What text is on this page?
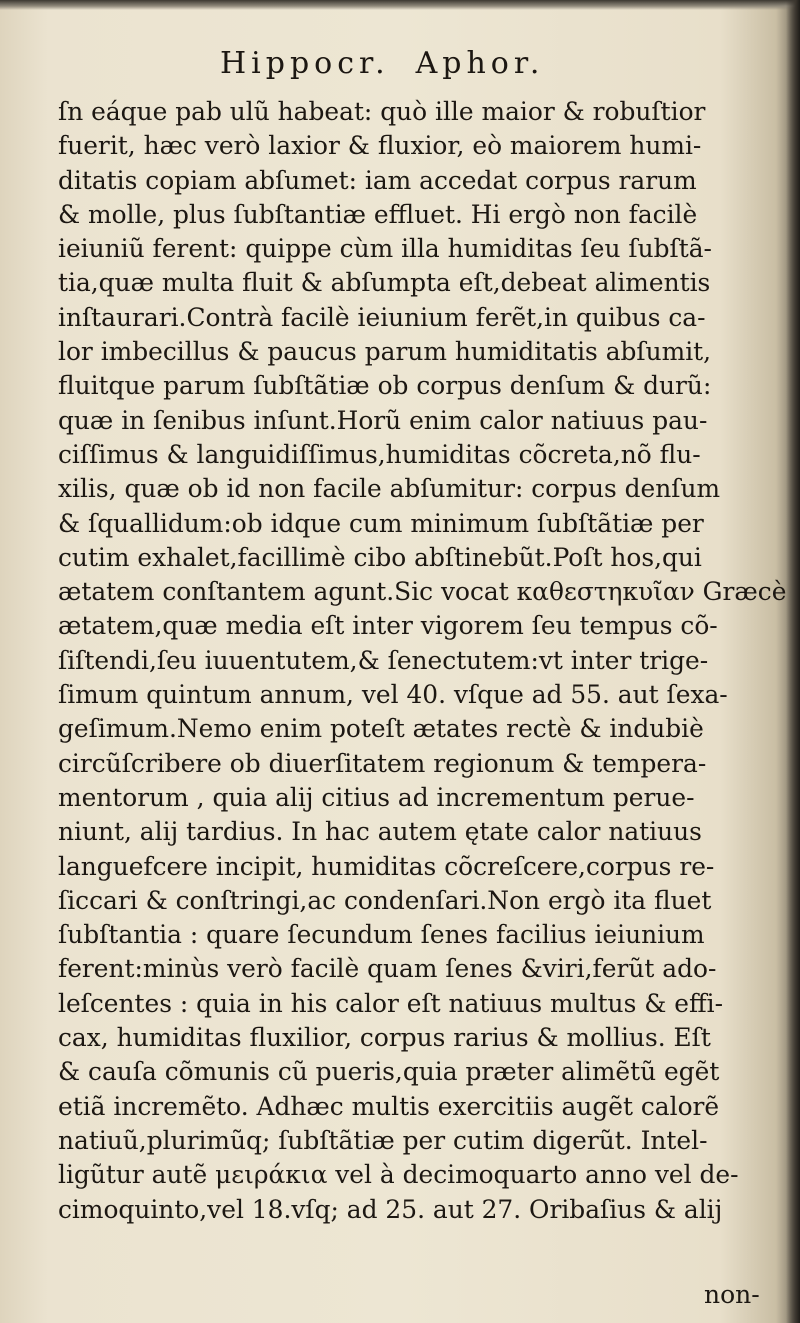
Hippocr. Aphor.
ſn eáque pab ulũ habeat: quò ille maior & robuſtior
fuerit, hæc verò laxior & fluxior, eò maiorem humi-
ditatis copiam abſumet: iam accedat corpus rarum
& molle, plus ſubſtantiæ effluet. Hi ergò non facilè
ieiuniũ ferent: quippe cùm illa humiditas ſeu ſubſtã-
tia,quæ multa fluit & abſumpta eſt,debeat alimentis
inſtaurari.Contrà facilè ieiunium ferẽt,in quibus ca-
lor imbecillus & paucus parum humiditatis abſumit,
fluitque parum ſubſtãtiæ ob corpus denſum & durũ:
quæ in ſenibus inſunt.Horũ enim calor natiuus pau-
ciſſimus & languidiſſimus,humiditas cõcreta,nõ flu-
xilis, quæ ob id non facile abſumitur: corpus denſum
& ſquallidum:ob idque cum minimum ſubſtãtiæ per
cutim exhalet,facillimè cibo abſtinebũt.Poſt hos,qui
ætatem conſtantem agunt.Sic vocat καθεστηκυῖαν Græcè
ætatem,quæ media eſt inter vigorem ſeu tempus cõ-
ſiſtendi,ſeu iuuentutem,& ſenectutem:vt inter trige-
ſimum quintum annum, vel 40. vſque ad 55. aut ſexa-
geſimum.Nemo enim poteſt ætates rectè & indubiè
circũſcribere ob diuerſitatem regionum & tempera-
mentorum , quia alij citius ad incrementum perue-
niunt, alij tardius. In hac autem ętate calor natiuus
languefcere incipit, humiditas cõcreſcere,corpus re-
ſiccari & conſtringi,ac condenſari.Non ergò ita fluet
ſubſtantia : quare ſecundum ſenes facilius ieiunium
ferent:minùs verò facilè quam ſenes &viri,ferũt ado-
leſcentes : quia in his calor eſt natiuus multus & effi-
cax, humiditas fluxilior, corpus rarius & mollius. Eſt
& cauſa cõmunis cũ pueris,quia præter alimẽtũ egẽt
etiã incremẽto. Adhæc multis exercitiis augẽt calorẽ
natiuũ,plurimũq; ſubſtãtiæ per cutim digerũt. Intel-
ligũtur autẽ μειράκια vel à decimoquarto anno vel de-
cimoquinto,vel 18.vſq; ad 25. aut 27. Oribaſius & alij
non-
